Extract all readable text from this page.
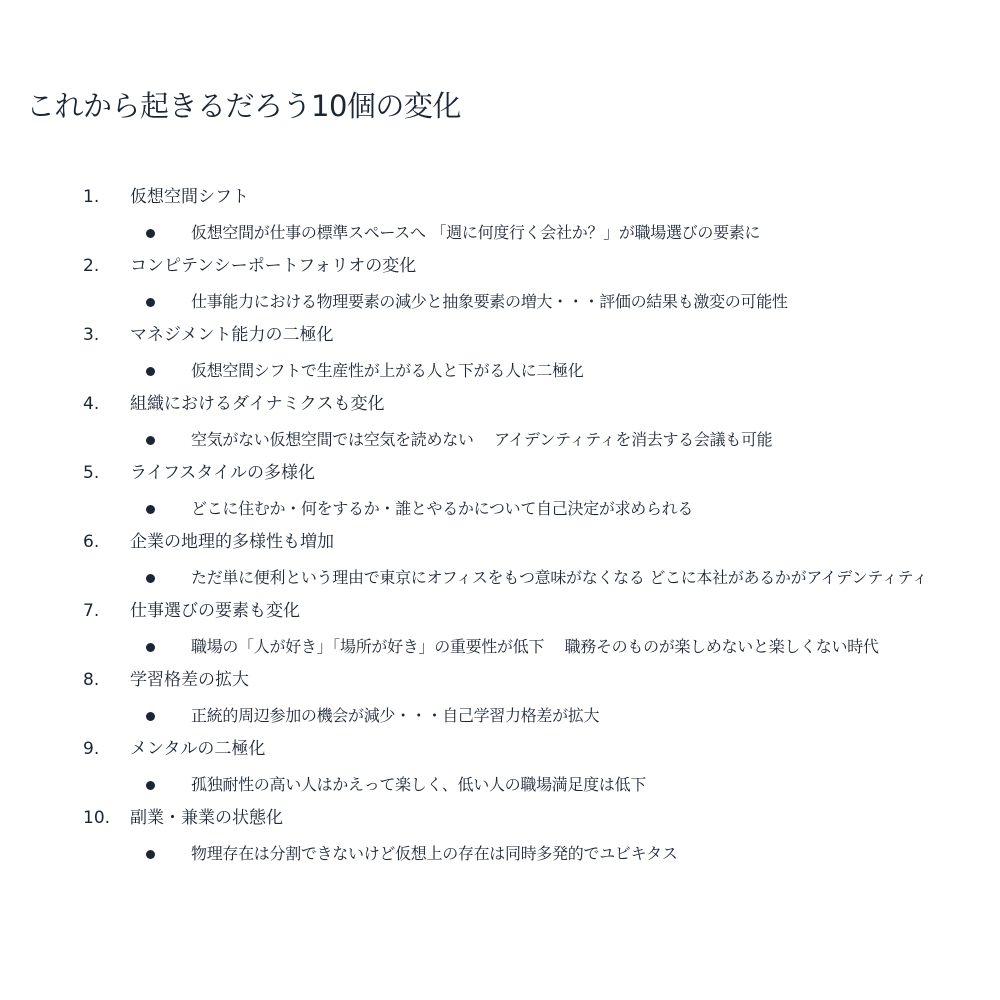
これから起きるだろう10個の変化
1. 仮想空間シフト
仮想空間が仕事の標準スペースへ 「週に何度行く会社か？」が職場選びの要素に
2. コンピテンシーポートフォリオの変化
仕事能力における物理要素の減少と抽象要素の増大・・・評価の結果も激変の可能性
3. マネジメント能力の二極化
仮想空間シフトで生産性が上がる人と下がる人に二極化
4. 組織におけるダイナミクスも変化
空気がない仮想空間では空気を読めない　 アイデンティティを消去する会議も可能
5. ライフスタイルの多様化
どこに住むか・何をするか・誰とやるかについて自己決定が求められる
6. 企業の地理的多様性も増加
ただ単に便利という理由で東京にオフィスをもつ意味がなくなる どこに本社があるかがアイデンティティ
7. 仕事選びの要素も変化
職場の「人が好き」「場所が好き」の重要性が低下　 職務そのものが楽しめないと楽しくない時代
8. 学習格差の拡大
正統的周辺参加の機会が減少・・・自己学習力格差が拡大
9. メンタルの二極化
孤独耐性の高い人はかえって楽しく、低い人の職場満足度は低下
10. 副業・兼業の状態化
物理存在は分割できないけど仮想上の存在は同時多発的でユビキタス
